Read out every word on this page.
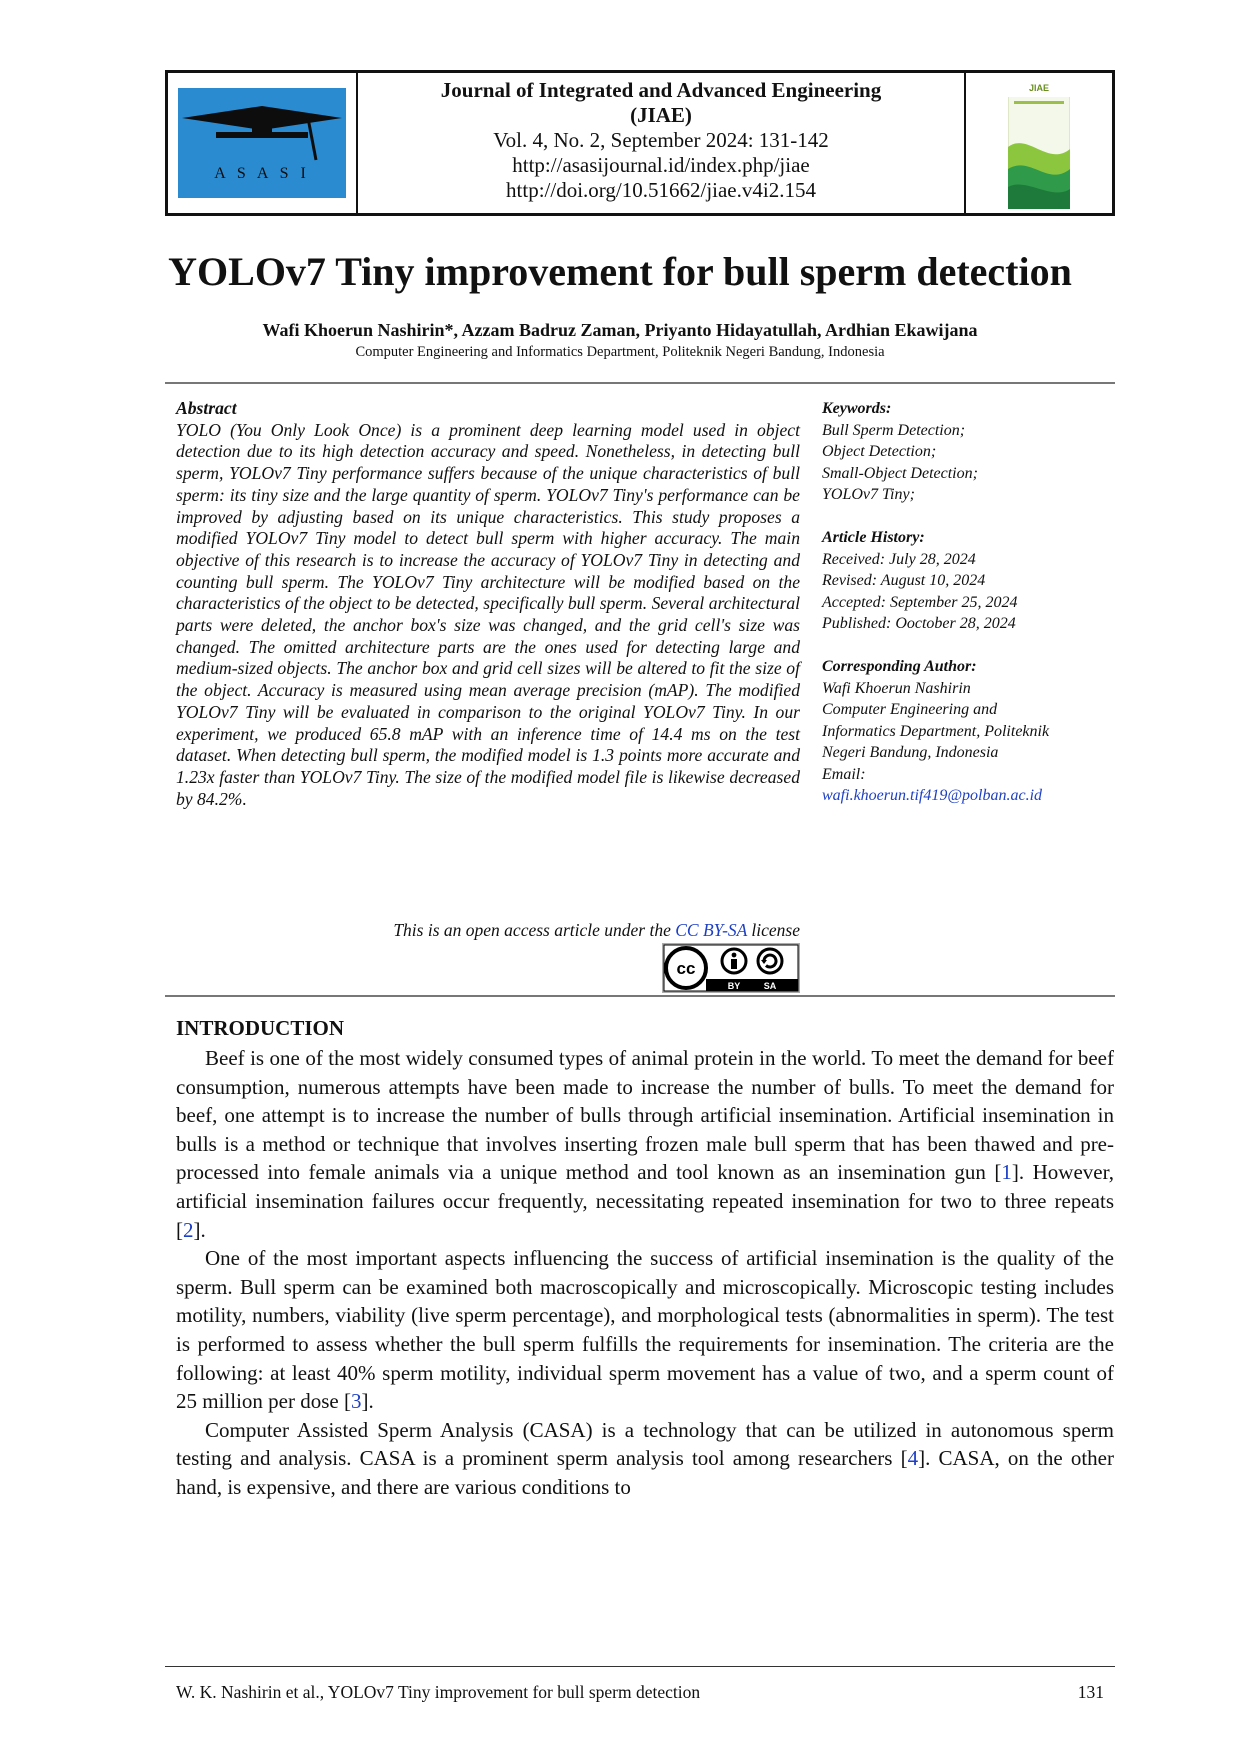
A S A S I
Journal of Integrated and Advanced Engineering
(JIAE)
Vol. 4, No. 2, September 2024: 131-142
http://asasijournal.id/index.php/jiae
http://doi.org/10.51662/jiae.v4i2.154
JIAE
YOLOv7 Tiny improvement for bull sperm detection
Wafi Khoerun Nashirin*, Azzam Badruz Zaman, Priyanto Hidayatullah, Ardhian Ekawijana
Computer Engineering and Informatics Department, Politeknik Negeri Bandung, Indonesia
Abstract
YOLO (You Only Look Once) is a prominent deep learning model used in object detection due to its high detection accuracy and speed. Nonetheless, in detecting bull sperm, YOLOv7 Tiny performance suffers because of the unique characteristics of bull sperm: its tiny size and the large quantity of sperm. YOLOv7 Tiny's performance can be improved by adjusting based on its unique characteristics. This study proposes a modified YOLOv7 Tiny model to detect bull sperm with higher accuracy. The main objective of this research is to increase the accuracy of YOLOv7 Tiny in detecting and counting bull sperm. The YOLOv7 Tiny architecture will be modified based on the characteristics of the object to be detected, specifically bull sperm. Several architectural parts were deleted, the anchor box's size was changed, and the grid cell's size was changed. The omitted architecture parts are the ones used for detecting large and medium-sized objects. The anchor box and grid cell sizes will be altered to fit the size of the object. Accuracy is measured using mean average precision (mAP). The modified YOLOv7 Tiny will be evaluated in comparison to the original YOLOv7 Tiny. In our experiment, we produced 65.8 mAP with an inference time of 14.4 ms on the test dataset. When detecting bull sperm, the modified model is 1.3 points more accurate and 1.23x faster than YOLOv7 Tiny. The size of the modified model file is likewise decreased by 84.2%.
This is an open access article under the CC BY-SA license
cc
BY	SA
Keywords:
Bull Sperm Detection;
Object Detection;
Small-Object Detection;
YOLOv7 Tiny;
Article History:
Received: July 28, 2024
Revised: August 10, 2024
Accepted: September 25, 2024
Published: Ooctober 28, 2024
Corresponding Author:
Wafi Khoerun Nashirin
Computer Engineering and
Informatics Department, Politeknik
Negeri Bandung, Indonesia
Email:
wafi.khoerun.tif419@polban.ac.id
INTRODUCTION

Beef is one of the most widely consumed types of animal protein in the world. To meet the demand for beef consumption, numerous attempts have been made to increase the number of bulls. To meet the demand for beef, one attempt is to increase the number of bulls through artificial insemination. Artificial insemination in bulls is a method or technique that involves inserting frozen male bull sperm that has been thawed and pre-processed into female animals via a unique method and tool known as an insemination gun [1]. However, artificial insemination failures occur frequently, necessitating repeated insemination for two to three repeats [2].

One of the most important aspects influencing the success of artificial insemination is the quality of the sperm. Bull sperm can be examined both macroscopically and microscopically. Microscopic testing includes motility, numbers, viability (live sperm percentage), and morphological tests (abnormalities in sperm). The test is performed to assess whether the bull sperm fulfills the requirements for insemination. The criteria are the following: at least 40% sperm motility, individual sperm movement has a value of two, and a sperm count of 25 million per dose [3].

Computer Assisted Sperm Analysis (CASA) is a technology that can be utilized in autonomous sperm testing and analysis. CASA is a prominent sperm analysis tool among researchers [4]. CASA, on the other hand, is expensive, and there are various conditions to

W. K. Nashirin et al., YOLOv7 Tiny improvement for bull sperm detection	131
